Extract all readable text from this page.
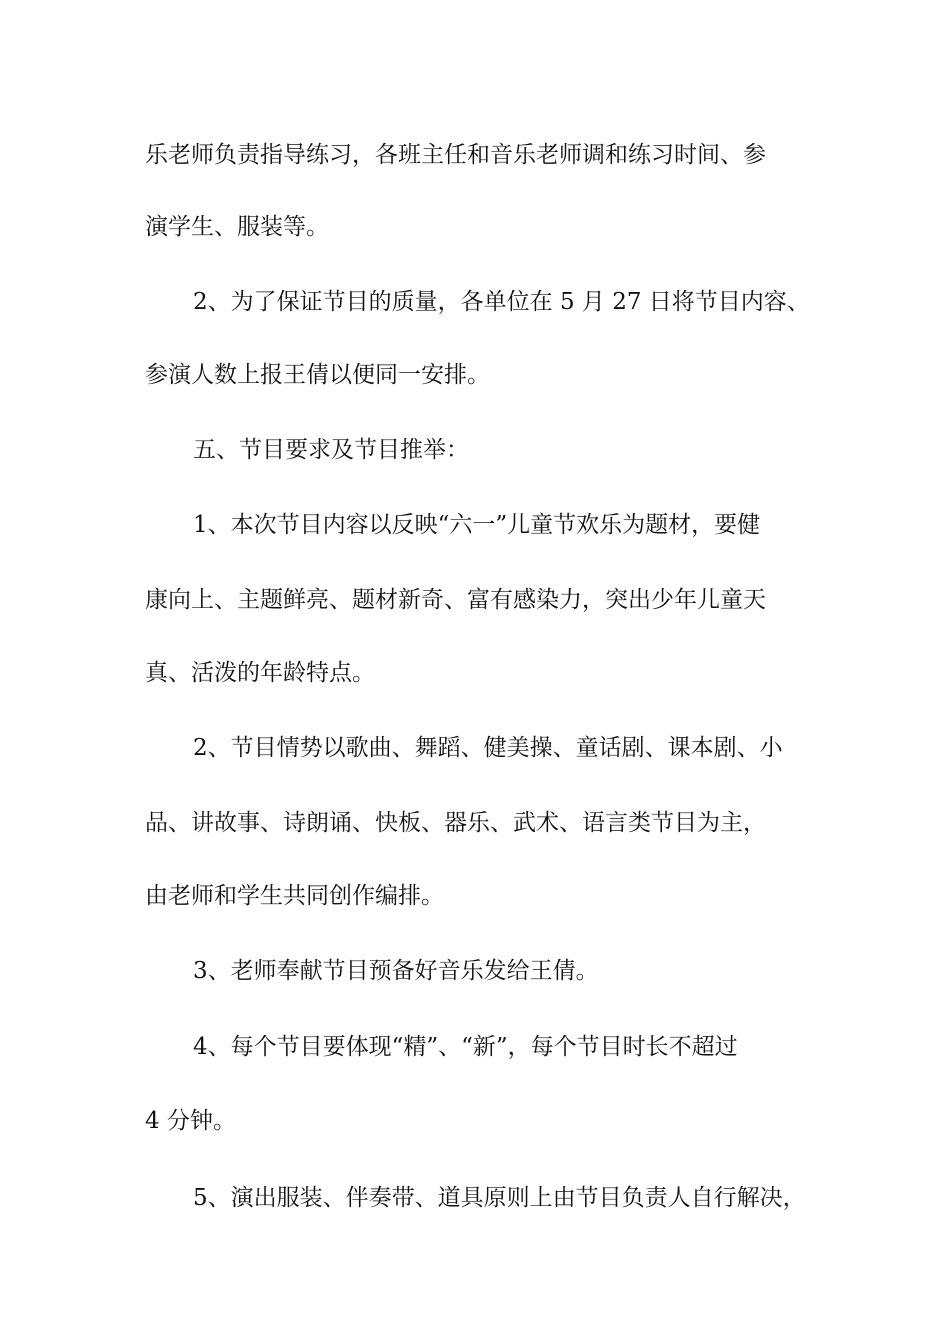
乐老师负责指导练习，各班主任和音乐老师调和练习时间、参
演学生、服装等。
2、为了保证节目的质量，各单位在 5 月 27 日将节目内容、
参演人数上报王倩以便同一安排。
五、节目要求及节目推举：
1、本次节目内容以反映“六一”儿童节欢乐为题材，要健
康向上、主题鲜亮、题材新奇、富有感染力，突出少年儿童天
真、活泼的年龄特点。
2、节目情势以歌曲、舞蹈、健美操、童话剧、课本剧、小
品、讲故事、诗朗诵、快板、器乐、武术、语言类节目为主，
由老师和学生共同创作编排。
3、老师奉献节目预备好音乐发给王倩。
4、每个节目要体现“精”、“新”，每个节目时长不超过
4 分钟。
5、演出服装、伴奏带、道具原则上由节目负责人自行解决，
